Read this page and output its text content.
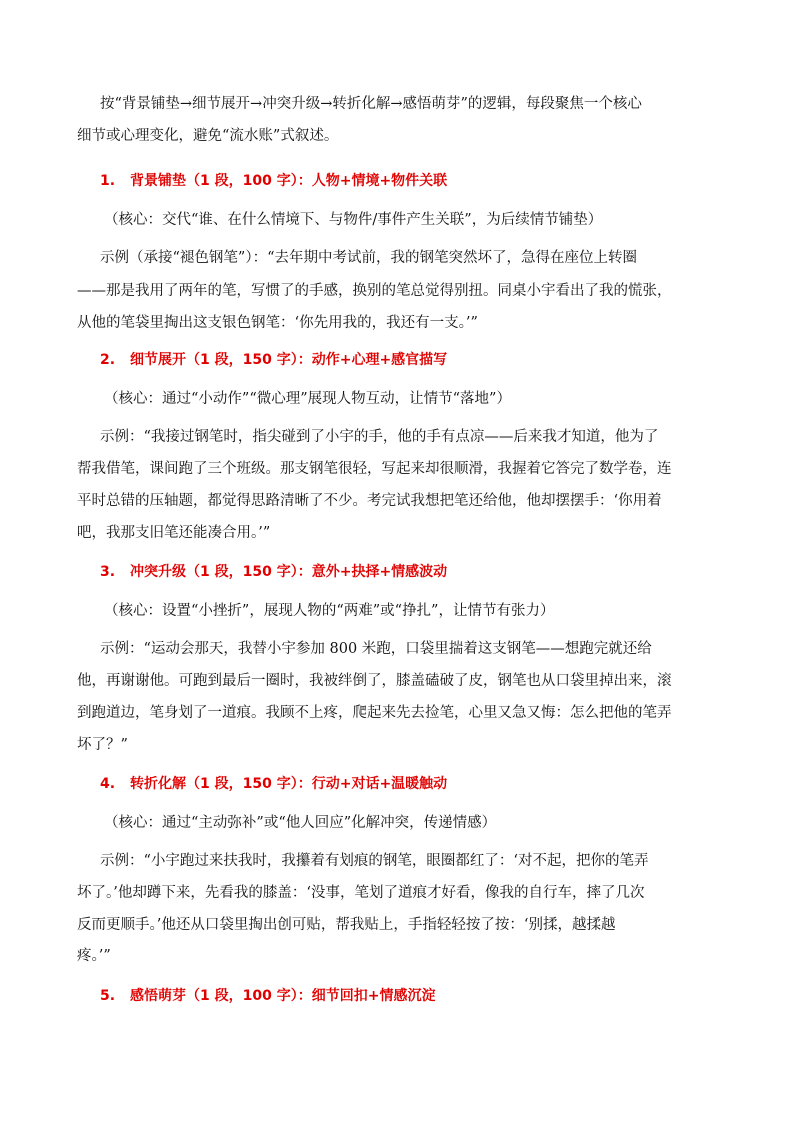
按“背景铺垫→细节展开→冲突升级→转折化解→感悟萌芽”的逻辑，每段聚焦一个核心
细节或心理变化，避免“流水账”式叙述。
1. 背景铺垫（1 段，100 字）：人物+情境+物件关联
（核心：交代“谁、在什么情境下、与物件/事件产生关联”，为后续情节铺垫）
示例（承接“褪色钢笔”）：“去年期中考试前，我的钢笔突然坏了，急得在座位上转圈
——那是我用了两年的笔，写惯了的手感，换别的笔总觉得别扭。同桌小宇看出了我的慌张，
从他的笔袋里掏出这支银色钢笔：‘你先用我的，我还有一支。’”
2. 细节展开（1 段，150 字）：动作+心理+感官描写
（核心：通过“小动作”“微心理”展现人物互动，让情节“落地”）
示例：“我接过钢笔时，指尖碰到了小宇的手，他的手有点凉——后来我才知道，他为了
帮我借笔，课间跑了三个班级。那支钢笔很轻，写起来却很顺滑，我握着它答完了数学卷，连
平时总错的压轴题，都觉得思路清晰了不少。考完试我想把笔还给他，他却摆摆手：‘你用着
吧，我那支旧笔还能凑合用。’”
3. 冲突升级（1 段，150 字）：意外+抉择+情感波动
（核心：设置“小挫折”，展现人物的“两难”或“挣扎”，让情节有张力）
示例：“运动会那天，我替小宇参加 800 米跑，口袋里揣着这支钢笔——想跑完就还给
他，再谢谢他。可跑到最后一圈时，我被绊倒了，膝盖磕破了皮，钢笔也从口袋里掉出来，滚
到跑道边，笔身划了一道痕。我顾不上疼，爬起来先去捡笔，心里又急又悔：怎么把他的笔弄
坏了？”
4. 转折化解（1 段，150 字）：行动+对话+温暖触动
（核心：通过“主动弥补”或“他人回应”化解冲突，传递情感）
示例：“小宇跑过来扶我时，我攥着有划痕的钢笔，眼圈都红了：‘对不起，把你的笔弄
坏了。’他却蹲下来，先看我的膝盖：‘没事，笔划了道痕才好看，像我的自行车，摔了几次
反而更顺手。’他还从口袋里掏出创可贴，帮我贴上，手指轻轻按了按：‘别揉，越揉越
疼。’”
5. 感悟萌芽（1 段，100 字）：细节回扣+情感沉淀
